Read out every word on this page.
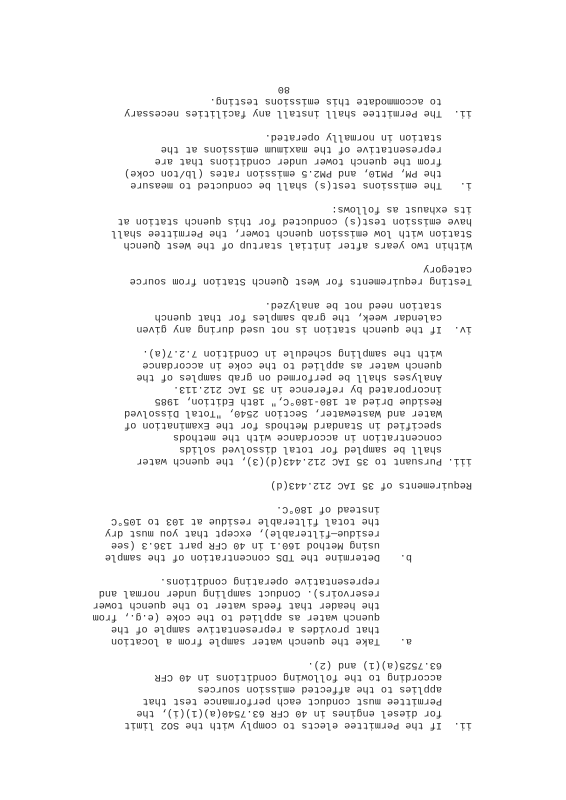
ii.
If the Permittee elects to comply with the SO2 limit
for diesel engines in 40 CFR 63.7540(a)(1)(i), the
Permittee must conduct each performance test that
applies to the affected emission sources
according to the following conditions in 40 CFR
63.7525(a)(1) and (2).
a.
Take the quench water sample from a location
that provides a representative sample of the
quench water as applied to the coke (e.g., from
the header that feeds water to the quench tower
reservoirs). Conduct sampling under normal and
representative operating conditions.
b.
Determine the TDS concentration of the sample
using Method 160.1 in 40 CFR part 136.3 (see
residue—filterable), except that you must dry
the total filterable residue at 103 to 105°C
instead of 180°C.
Requirements of 35 IAC 212.443(d)
iii.
Pursuant to 35 IAC 212.443(d)(3), the quench water
shall be sampled for total dissolved solids
concentration in accordance with the methods
specified in Standard Methods for the Examination of
Water and Wastewater, Section 2540, "Total Dissolved
Residue Dried at 180-180°C," 18th Edition, 1985
incorporated by reference in 35 IAC 212.113.
Analyses shall be performed on grab samples of the
quench water as applied to the coke in accordance
with the sampling schedule in Condition 7.2.7(a).
iv.
If the quench station is not used during any given
calendar week, the grab samples for that quench
station need not be analyzed.
Testing requirements for West Quench Station from source
category
Within two years after initial startup of the West Quench
Station with low emission quench tower, the Permittee shall
have emission test(s) conducted for this quench station at
its exhaust as follows:
i.
The emissions test(s) shall be conducted to measure
the PM, PM10, and PM2.5 emission rates (lb/ton coke)
from the quench tower under conditions that are
representative of the maximum emissions at the
station in normally operated.
ii.
The Permittee shall install any facilities necessary
to accommodate this emissions testing.
80
